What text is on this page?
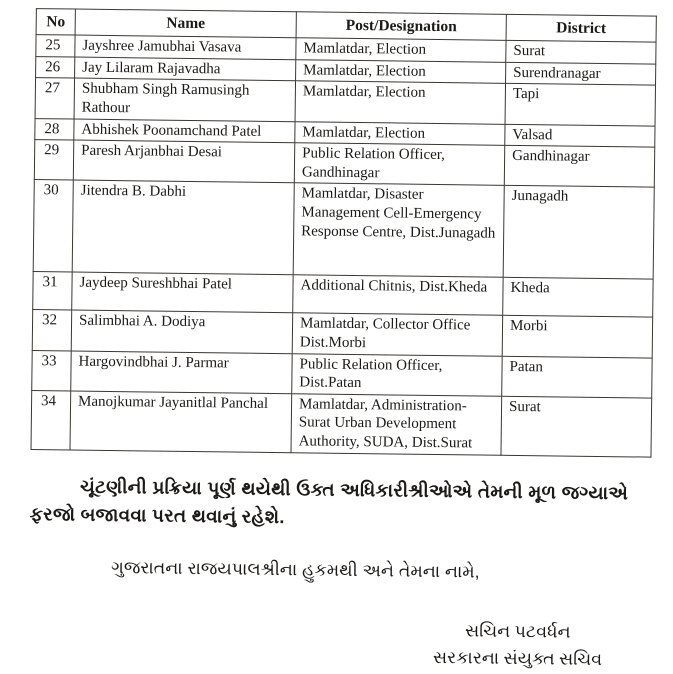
No	Name	Post/Designation	District
25	Jayshree Jamubhai Vasava	Mamlatdar, Election	Surat
26	Jay Lilaram Rajavadha	Mamlatdar, Election	Surendranagar
27	Shubham Singh Ramusingh Rathour	Mamlatdar, Election	Tapi
28	Abhishek Poonamchand Patel	Mamlatdar, Election	Valsad
29	Paresh Arjanbhai Desai	Public Relation Officer, Gandhinagar	Gandhinagar
30	Jitendra B. Dabhi	Mamlatdar, Disaster Management Cell-Emergency Response Centre, Dist.Junagadh	Junagadh
31	Jaydeep Sureshbhai Patel	Additional Chitnis, Dist.Kheda	Kheda
32	Salimbhai A. Dodiya	Mamlatdar, Collector Office Dist.Morbi	Morbi
33	Hargovindbhai J. Parmar	Public Relation Officer, Dist.Patan	Patan
34	Manojkumar Jayanitlal Panchal	Mamlatdar, Administration-Surat Urban Development Authority, SUDA, Dist.Surat	Surat

ચૂંટણીની પ્રક્રિયા પૂર્ણ થયેથી ઉક્ત અધિકારીશ્રીઓએ તેમની મૂળ જગ્યાએ ફરજો બજાવવા પરત થવાનું રહેશે.

ગુજરાતના રાજયપાલશ્રીના હુકમથી અને તેમના નામે,

સચિન પટવર્ધન
સરકારના સંયુક્ત સચિવ
